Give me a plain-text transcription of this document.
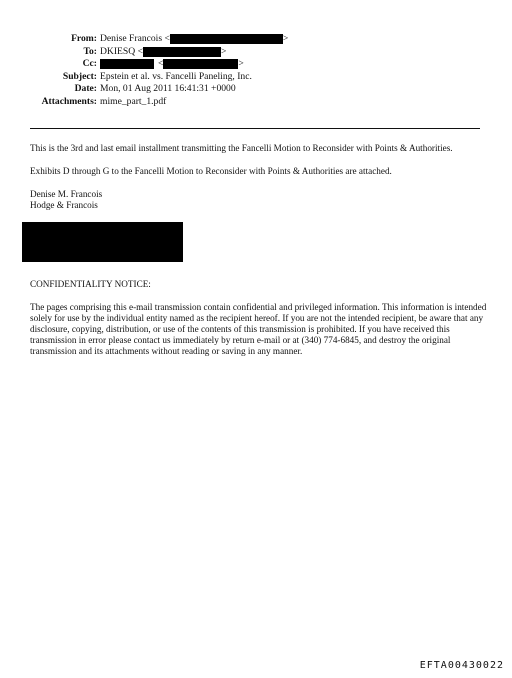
From: Denise Francois <	>
To: DKIESQ <	>
Cc:	<	>
Subject: Epstein et al. vs. Fancelli Paneling, Inc.
Date: Mon, 01 Aug 2011 16:41:31 +0000
Attachments: mime_part_1.pdf

This is the 3rd and last email installment transmitting the Fancelli Motion to Reconsider with Points & Authorities.

Exhibits D through G to the Fancelli Motion to Reconsider with Points & Authorities are attached.

Denise M. Francois

Hodge & Francois

CONFIDENTIALITY NOTICE:
The pages comprising this e-mail transmission contain confidential and privileged information. This information is intended solely for use by the individual entity named as the recipient hereof. If you are not the intended recipient, be aware that any disclosure, copying, distribution, or use of the contents of this transmission is prohibited. If you have received this transmission in error please contact us immediately by return e-mail or at (340) 774-6845, and destroy the original transmission and its attachments without reading or saving in any manner.
EFTA00430022
